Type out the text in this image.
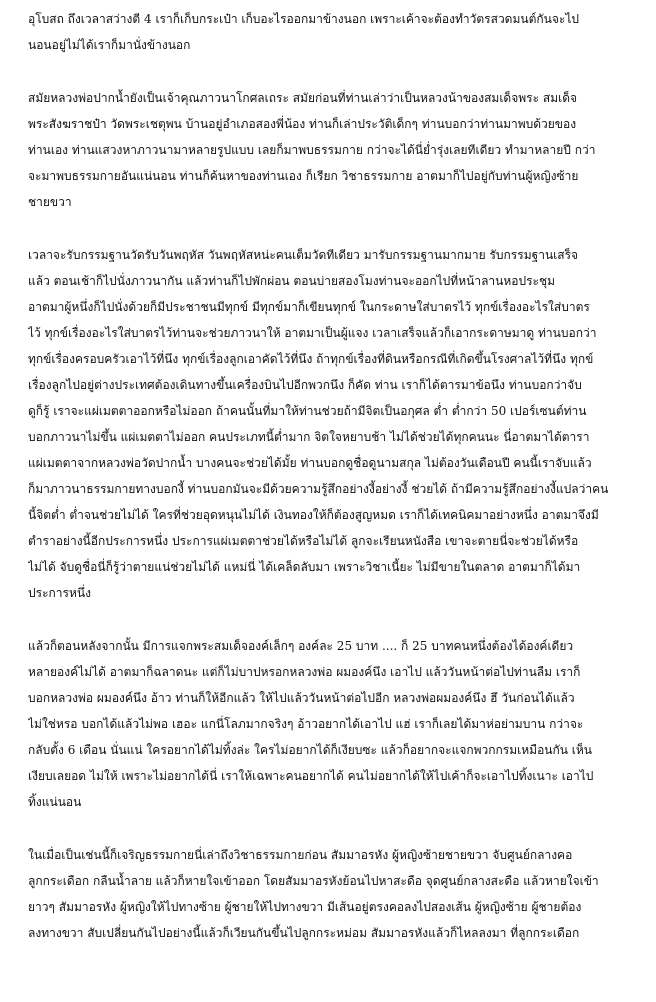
อุโบสถ ถึงเวลาสว่างตี 4 เราก็เก็บกระเป๋า เก็บอะไรออกมาข้างนอก เพราะเค้าจะต้องทำวัตรสวดมนต์กันจะไป
นอนอยู่ไม่ได้เราก็มานั่งข้างนอก
สมัยหลวงพ่อปากน้ำยังเป็นเจ้าคุณภาวนาโกศลเถระ สมัยก่อนที่ท่านเล่าว่าเป็นหลวงน้าของสมเด็จพระ สมเด็จ
พระสังฆราชป๋า วัดพระเชตุพน บ้านอยู่อำเภอสองพี่น้อง ท่านก็เล่าประวัติเด็กๆ ท่านบอกว่าท่านมาพบด้วยของ
ท่านเอง ท่านแสวงหาภาวนามาหลายรูปแบบ เลยก็มาพบธรรมกาย กว่าจะได้นี่ยํ่ารุ่งเลยทีเดียว ทำมาหลายปี กว่า
จะมาพบธรรมกายอันแน่นอน ท่านก็ค้นหาของท่านเอง ก็เรียก วิชาธรรมกาย อาตมาก็ไปอยู่กับท่านผู้หญิงซ้าย
ชายขวา
เวลาจะรับกรรมฐานวัดรับวันพฤหัส วันพฤหัสหน่ะคนเต็มวัดทีเดียว มารับกรรมฐานมากมาย รับกรรมฐานเสร็จ
แล้ว ตอนเช้าก็ไปนั่งภาวนากัน แล้วท่านก็ไปพักผ่อน ตอนบ่ายสองโมงท่านจะออกไปที่หน้าลานหอประชุม
อาตมาผู้หนึ่งก็ไปนั่งด้วยก็มีประชาชนมีทุกข์ มีทุกข์มาก็เขียนทุกข์ ในกระดาษใส่บาตรไว้ ทุกข์เรื่องอะไรใส่บาตร
ไว้ ทุกข์เรื่องอะไรใส่บาตรไว้ท่านจะช่วยภาวนาให้ อาตมาเป็นผู้แจง เวลาเสร็จแล้วก็เอากระดาษมาดู ท่านบอกว่า
ทุกข์เรื่องครอบครัวเอาไว้ที่นึง ทุกข์เรื่องลูกเอาคัดไว้ที่นึง ถ้าทุกข์เรื่องที่ดินหรือกรณีที่เกิดขึ้นโรงศาลไว้ที่นึง ทุกข์
เรื่องลูกไปอยู่ต่างประเทศต้องเดินทางขึ้นเครื่องบินไปอีกพวกนึง ก็คัด ท่าน เราก็ได้ตารมาข้อนึง ท่านบอกว่าจับ
ดูก็รู้ เราจะแผ่เมตตาออกหรือไม่ออก ถ้าคนนั้นที่มาให้ท่านช่วยถ้ามีจิตเป็นอกุศล ต่ำ ต่ำกว่า 50 เปอร์เซนต์ท่าน
บอกภาวนาไม่ขึ้น แผ่เมตตาไม่ออก คนประเภทนี้ต่ำมาก จิตใจหยาบช้า ไม่ได้ช่วยได้ทุกคนนะ นี่อาตมาได้ตารา
แผ่เมตตาจากหลวงพ่อวัดปากน้ำ บางคนจะช่วยได้มั้ย ท่านบอกดูชื่อดูนามสกุล ไม่ต้องวันเดือนปี คนนี้เราจับแล้ว
ก็มาภาวนาธรรมกายทางบอกงี้ ท่านบอกมันจะมีด้วยความรู้สึกอย่างงี้อย่างงี้ ช่วยได้ ถ้ามีความรู้สึกอย่างงี้แปลว่าคน
นี้จิตต่ำ ต่ำจนช่วยไม่ได้ ใครที่ช่วยอุดหนุนไม่ได้ เงินทองให้ก็ต้องสูญหมด เราก็ได้เทคนิคมาอย่างหนึ่ง อาตมาจึงมี
ตำราอย่างนี้อีกประการหนึ่ง ประการแผ่เมตตาช่วยได้หรือไม่ได้ ลูกจะเรียนหนังสือ เขาจะตายนี่จะช่วยได้หรือ
ไม่ได้ จับดูชื่อนี่ก็รู้ว่าตายแน่ช่วยไม่ได้ แหม่นี่ ได้เคล็ดลับมา เพราะวิชาเนี้ยะ ไม่มีขายในตลาด อาตมาก็ได้มา
ประการหนึ่ง
แล้วก็ตอนหลังจากนั้น มีการแจกพระสมเด็จองค์เล็กๆ องค์ละ 25 บาท .... ก็ 25 บาทคนหนึ่งต้องได้องค์เดียว
หลายองค์ไม่ได้ อาตมาก็ฉลาดนะ แต่ก็ไม่บาปหรอกหลวงพ่อ ผมองค์นึง เอาไป แล้ววันหน้าต่อไปท่านลืม เราก็
บอกหลวงพ่อ ผมองค์นึง อ้าว ท่านก็ให้อีกแล้ว ให้ไปแล้ววันหน้าต่อไปอีก หลวงพ่อผมองค์นึง ฮึ วันก่อนได้แล้ว
ไม่ใช่หรอ บอกได้แล้วไม่พอ เฮอะ แกนี่โลภมากจริงๆ อ้าวอยากได้เอาไป แฮ่ เราก็เลยได้มาห่อย่ามบาน กว่าจะ
กลับตั้ง 6 เดือน นั่นแน่ ใครอยากได้ไม่ทิ้งล่ะ ใครไม่อยากได้ก็เงียบซะ แล้วก็อยากจะแจกพวกกรมเหมือนกัน เห็น
เงียบเลยอด ไม่ให้ เพราะไม่อยากได้นี่ เราให้เฉพาะคนอยากได้ คนไม่อยากได้ให้ไปเค้าก็จะเอาไปทิ้งเนาะ เอาไป
ทิ้งแน่นอน
ในเมื่อเป็นเช่นนี้ก็เจริญธรรมกายนี่เล่าถึงวิชาธรรมกายก่อน สัมมาอรหัง ผู้หญิงซ้ายชายขวา จับศูนย์กลางคอ
ลูกกระเดือก กลืนน้ำลาย แล้วก็หายใจเข้าออก โดยสัมมาอรหังย้อนไปหาสะดือ จุดศูนย์กลางสะดือ แล้วหายใจเข้า
ยาวๆ สัมมาอรหัง ผู้หญิงให้ไปทางซ้าย ผู้ชายให้ไปทางขวา มีเส้นอยู่ตรงคอลงไปสองเส้น ผู้หญิงซ้าย ผู้ชายต้อง
ลงทางขวา สับเปลี่ยนกันไปอย่างนี้แล้วก็เวียนกันขึ้นไปลูกกระหม่อม สัมมาอรหังแล้วก็ไหลลงมา ที่ลูกกระเดือก
